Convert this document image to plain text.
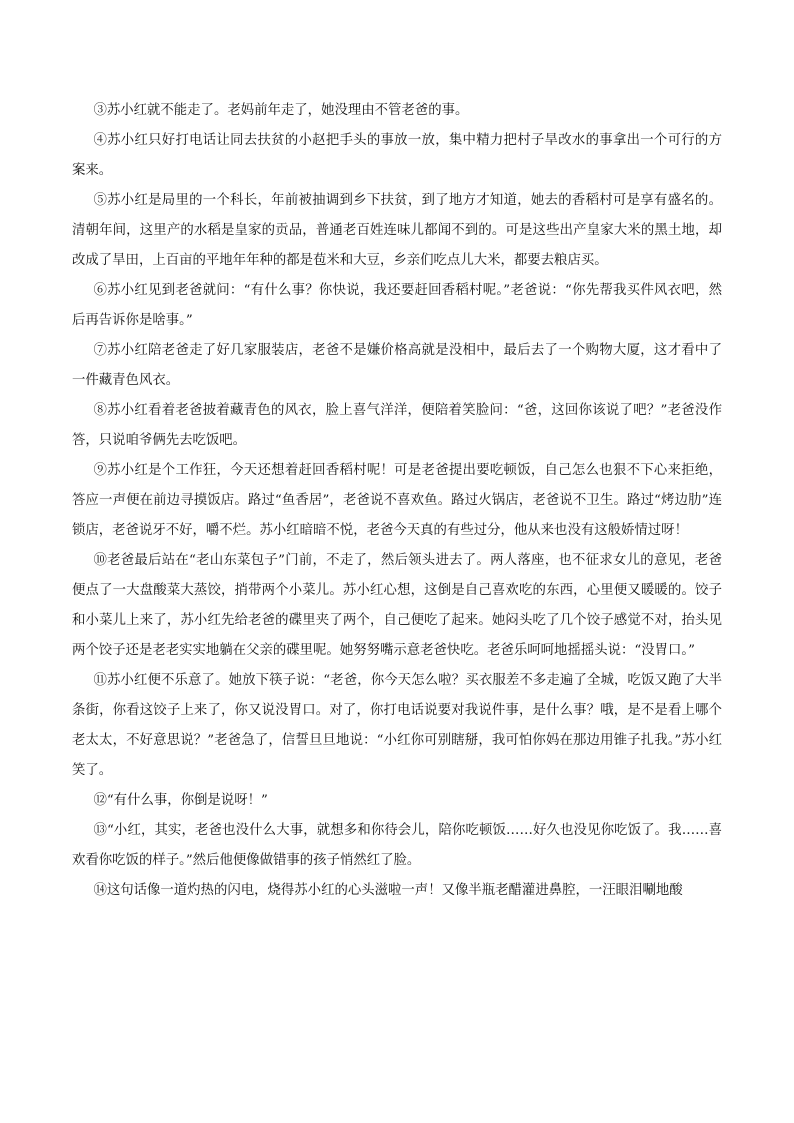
③苏小红就不能走了。老妈前年走了，她没理由不管老爸的事。

④苏小红只好打电话让同去扶贫的小赵把手头的事放一放，集中精力把村子旱改水的事拿出一个可行的方案来。

⑤苏小红是局里的一个科长，年前被抽调到乡下扶贫，到了地方才知道，她去的香稻村可是享有盛名的。清朝年间，这里产的水稻是皇家的贡品，普通老百姓连味儿都闻不到的。可是这些出产皇家大米的黑土地，却改成了旱田，上百亩的平地年年种的都是苞米和大豆，乡亲们吃点儿大米，都要去粮店买。

⑥苏小红见到老爸就问：“有什么事？你快说，我还要赶回香稻村呢。”老爸说：“你先帮我买件风衣吧，然后再告诉你是啥事。”

⑦苏小红陪老爸走了好几家服装店，老爸不是嫌价格高就是没相中，最后去了一个购物大厦，这才看中了一件藏青色风衣。

⑧苏小红看着老爸披着藏青色的风衣，脸上喜气洋洋，便陪着笑脸问：“爸，这回你该说了吧？”老爸没作答，只说咱爷俩先去吃饭吧。

⑨苏小红是个工作狂，今天还想着赶回香稻村呢！可是老爸提出要吃顿饭，自己怎么也狠不下心来拒绝，答应一声便在前边寻摸饭店。路过“鱼香居”，老爸说不喜欢鱼。路过火锅店，老爸说不卫生。路过“烤边肋”连锁店，老爸说牙不好，嚼不烂。苏小红暗暗不悦，老爸今天真的有些过分，他从来也没有这般娇情过呀！

⑩老爸最后站在“老山东菜包子”门前，不走了，然后领头进去了。两人落座，也不征求女儿的意见，老爸便点了一大盘酸菜大蒸饺，捎带两个小菜儿。苏小红心想，这倒是自己喜欢吃的东西，心里便又暖暖的。饺子和小菜儿上来了，苏小红先给老爸的碟里夹了两个，自己便吃了起来。她闷头吃了几个饺子感觉不对，抬头见两个饺子还是老老实实地躺在父亲的碟里呢。她努努嘴示意老爸快吃。老爸乐呵呵地摇摇头说：“没胃口。”

⑪苏小红便不乐意了。她放下筷子说：“老爸，你今天怎么啦？买衣服差不多走遍了全城，吃饭又跑了大半条街，你看这饺子上来了，你又说没胃口。对了，你打电话说要对我说件事，是什么事？哦，是不是看上哪个老太太，不好意思说？”老爸急了，信誓旦旦地说：“小红你可别瞎掰，我可怕你妈在那边用锥子扎我。”苏小红笑了。

⑫“有什么事，你倒是说呀！”

⑬“小红，其实，老爸也没什么大事，就想多和你待会儿，陪你吃顿饭……好久也没见你吃饭了。我……喜欢看你吃饭的样子。”然后他便像做错事的孩子悄然红了脸。

⑭这句话像一道灼热的闪电，烧得苏小红的心头滋啦一声！又像半瓶老醋灌进鼻腔，一汪眼泪唰地酸
